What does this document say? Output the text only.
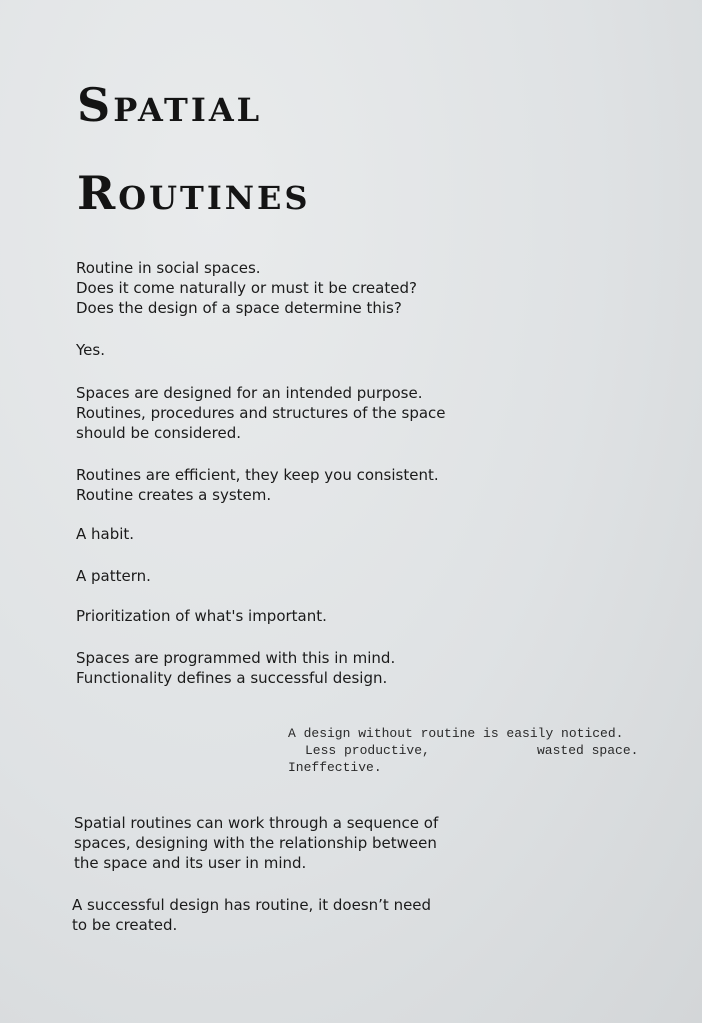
Spatial
Routines
Routine in social spaces.
Does it come naturally or must it be created?
Does the design of a space determine this?
Yes.
Spaces are designed for an intended purpose.
Routines, procedures and structures of the space
should be considered.
Routines are efficient, they keep you consistent.
Routine creates a system.
A habit.
A pattern.
Prioritization of what's important.
Spaces are programmed with this in mind.
Functionality defines a successful design.
A design without routine is easily noticed.
Less productive,	wasted space.
Ineffective.
Spatial routines can work through a sequence of
spaces, designing with the relationship between
the space and its user in mind.
A successful design has routine, it doesn’t need
to be created.
